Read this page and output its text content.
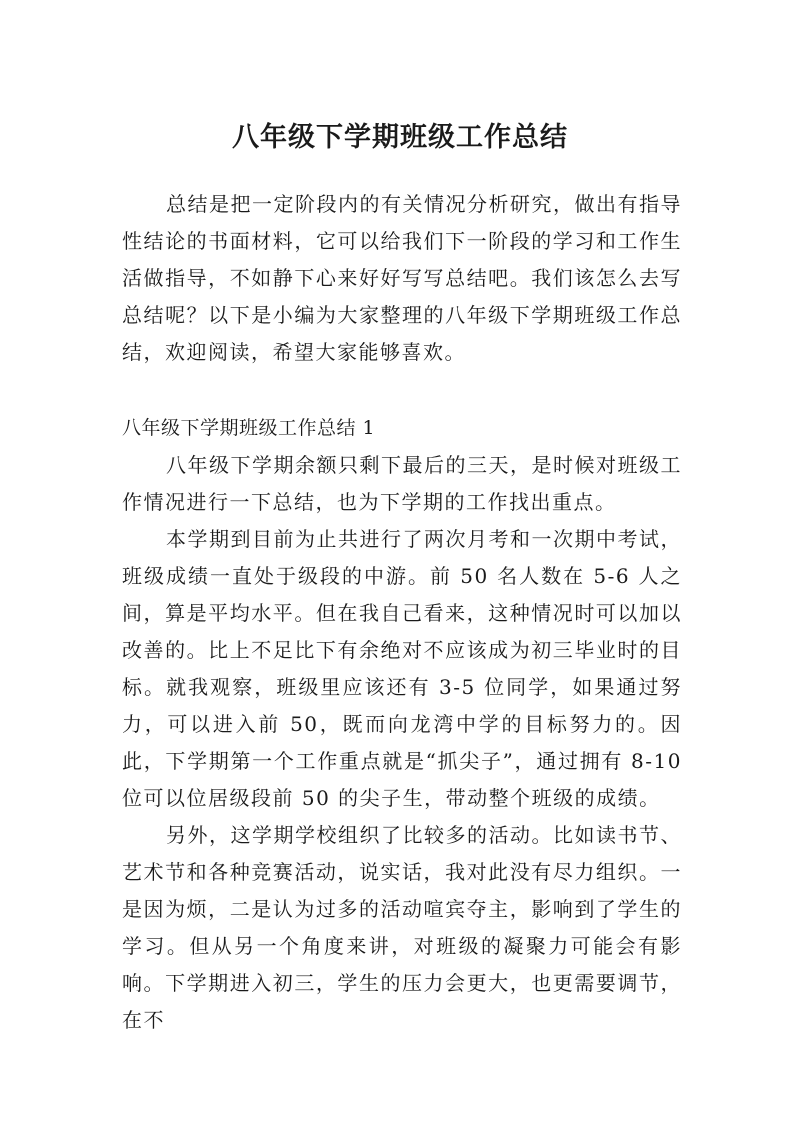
八年级下学期班级工作总结

总结是把一定阶段内的有关情况分析研究，做出有指导性结论的书面材料，它可以给我们下一阶段的学习和工作生活做指导，不如静下心来好好写写总结吧。我们该怎么去写总结呢？以下是小编为大家整理的八年级下学期班级工作总结，欢迎阅读，希望大家能够喜欢。

八年级下学期班级工作总结 1

八年级下学期余额只剩下最后的三天，是时候对班级工作情况进行一下总结，也为下学期的工作找出重点。

本学期到目前为止共进行了两次月考和一次期中考试，班级成绩一直处于级段的中游。前 50 名人数在 5-6 人之间，算是平均水平。但在我自己看来，这种情况时可以加以改善的。比上不足比下有余绝对不应该成为初三毕业时的目标。就我观察，班级里应该还有 3-5 位同学，如果通过努力，可以进入前 50，既而向龙湾中学的目标努力的。因此，下学期第一个工作重点就是“抓尖子”，通过拥有 8-10 位可以位居级段前 50 的尖子生，带动整个班级的成绩。

另外，这学期学校组织了比较多的活动。比如读书节、艺术节和各种竞赛活动，说实话，我对此没有尽力组织。一是因为烦，二是认为过多的活动喧宾夺主，影响到了学生的学习。但从另一个角度来讲，对班级的凝聚力可能会有影响。下学期进入初三，学生的压力会更大，也更需要调节，在不
